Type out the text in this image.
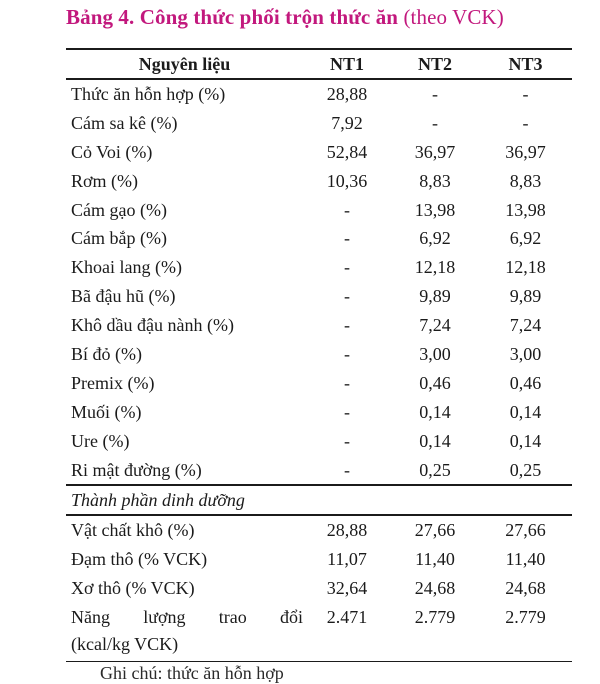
Bảng 4. Công thức phối trộn thức ăn (theo VCK)
Nguyên liệu	NT1	NT2	NT3
Thức ăn hỗn hợp (%)	28,88	-	-
Cám sa kê (%)	7,92	-	-
Cỏ Voi (%)	52,84	36,97	36,97
Rơm (%)	10,36	8,83	8,83
Cám gạo (%)	-	13,98	13,98
Cám bắp (%)	-	6,92	6,92
Khoai lang (%)	-	12,18	12,18
Bã đậu hũ (%)	-	9,89	9,89
Khô dầu đậu nành (%)	-	7,24	7,24
Bí đỏ (%)	-	3,00	3,00
Premix (%)	-	0,46	0,46
Muối (%)	-	0,14	0,14
Ure (%)	-	0,14	0,14
Ri mật đường (%)	-	0,25	0,25
Thành phần dinh dưỡng			
Vật chất khô (%)	28,88	27,66	27,66
Đạm thô (% VCK)	11,07	11,40	11,40
Xơ thô (% VCK)	32,64	24,68	24,68

Năng lượng trao đổi
(kcal/kg VCK)	2.471	2.779	2.779
Ghi chú: thức ăn hỗn hợp
